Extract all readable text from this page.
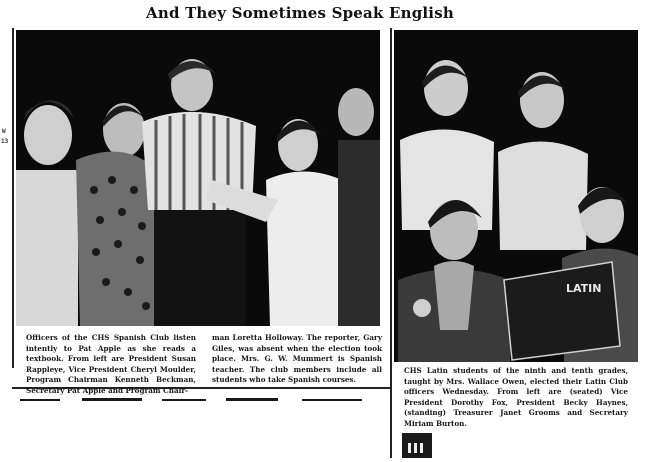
And They Sometimes Speak English
W
13
LATIN
Officers of the CHS Spanish Club listen intently to Pat Apple as she reads a textbook. From left are President Susan Rappleye, Vice President Cheryl Moulder, Program Chairman Kenneth Beckman, Secretary Pat Apple and Program Chair-
man Loretta Holloway. The reporter, Gary Giles, was absent when the election took place. Mrs. G. W. Mummert is Spanish teacher. The club members include all students who take Spanish courses.
CHS Latin students of the ninth and tenth grades, taught by Mrs. Wallace Owen, elected their Latin Club officers Wednesday. From left are (seated) Vice President Dorothy Fox, President Becky Haynes, (standing) Treasurer Janet Grooms and Secretary Miriam Burton.
